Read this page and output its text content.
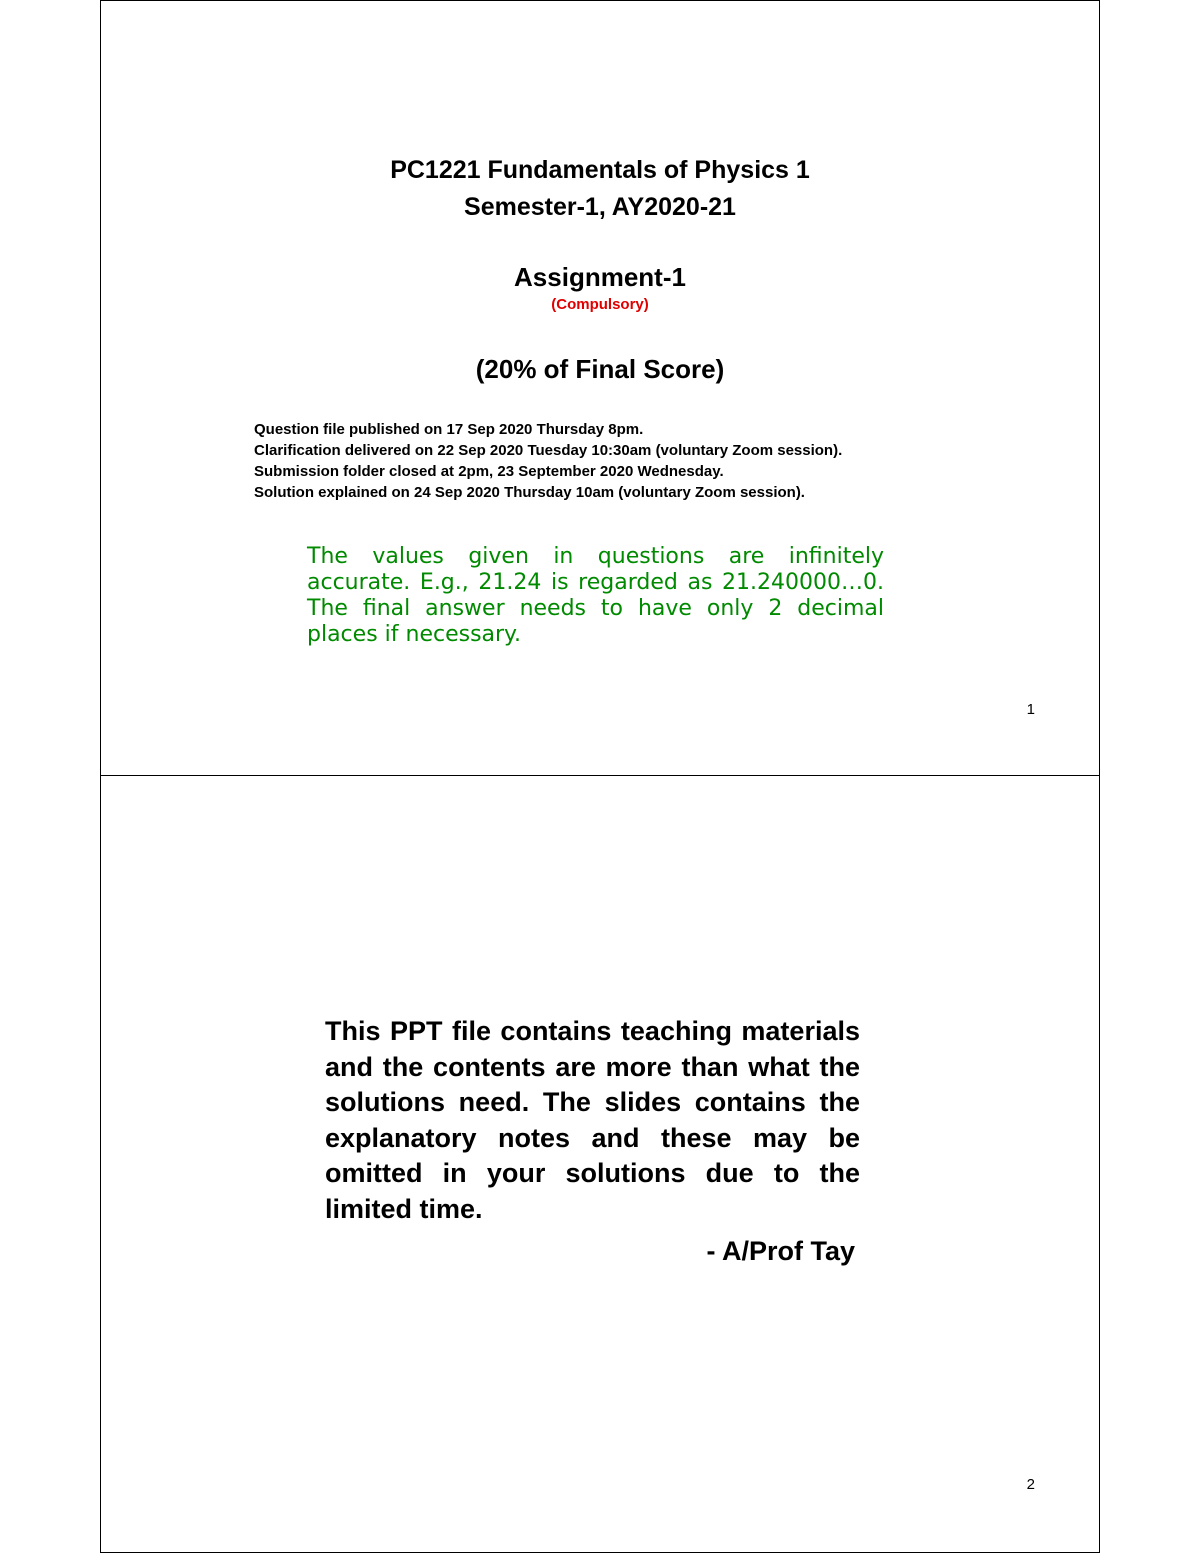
PC1221 Fundamentals of Physics 1
Semester-1, AY2020-21
Assignment-1
(Compulsory)
(20% of Final Score)
Question file published on 17 Sep 2020 Thursday 8pm.
Clarification delivered on 22 Sep 2020 Tuesday 10:30am (voluntary Zoom session).
Submission folder closed at 2pm, 23 September 2020 Wednesday.
Solution explained on 24 Sep 2020 Thursday 10am (voluntary Zoom session).
The values given in questions are infinitely accurate. E.g., 21.24 is regarded as 21.240000…0. The final answer needs to have only 2 decimal places if necessary.
1
This PPT file contains teaching materials and the contents are more than what the solutions need. The slides contains the explanatory notes and these may be omitted in your solutions due to the limited time.
- A/Prof Tay
2
